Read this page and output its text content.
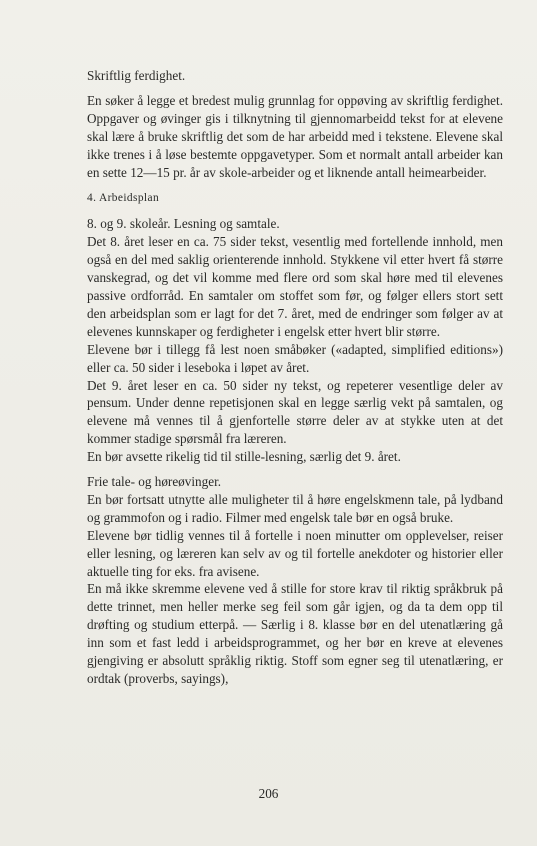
Skriftlig ferdighet.

En søker å legge et bredest mulig grunnlag for oppøving av skriftlig ferdighet. Oppgaver og øvinger gis i tilknytning til gjennomarbeidd tekst for at elevene skal lære å bruke skriftlig det som de har arbeidd med i tekstene. Elevene skal ikke trenes i å løse bestemte oppgavetyper. Som et normalt antall arbeider kan en sette 12—15 pr. år av skole-arbeider og et liknende antall heimearbeider.

4. Arbeidsplan

8. og 9. skoleår. Lesning og samtale.

Det 8. året leser en ca. 75 sider tekst, vesentlig med fortellende innhold, men også en del med saklig orienterende innhold. Stykkene vil etter hvert få større vanskegrad, og det vil komme med flere ord som skal høre med til elevenes passive ordforråd. En samtaler om stoffet som før, og følger ellers stort sett den arbeidsplan som er lagt for det 7. året, med de endringer som følger av at elevenes kunnskaper og ferdigheter i engelsk etter hvert blir større.

Elevene bør i tillegg få lest noen småbøker («adapted, simplified editions») eller ca. 50 sider i leseboka i løpet av året.

Det 9. året leser en ca. 50 sider ny tekst, og repeterer vesentlige deler av pensum. Under denne repetisjonen skal en legge særlig vekt på samtalen, og elevene må vennes til å gjenfortelle større deler av at stykke uten at det kommer stadige spørsmål fra læreren.

En bør avsette rikelig tid til stille-lesning, særlig det 9. året.

Frie tale- og høreøvinger.

En bør fortsatt utnytte alle muligheter til å høre engelskmenn tale, på lydband og grammofon og i radio. Filmer med engelsk tale bør en også bruke.

Elevene bør tidlig vennes til å fortelle i noen minutter om opplevelser, reiser eller lesning, og læreren kan selv av og til fortelle anekdoter og historier eller aktuelle ting for eks. fra avisene.

En må ikke skremme elevene ved å stille for store krav til riktig språkbruk på dette trinnet, men heller merke seg feil som går igjen, og da ta dem opp til drøfting og studium etterpå. — Særlig i 8. klasse bør en del utenatlæring gå inn som et fast ledd i arbeidsprogrammet, og her bør en kreve at elevenes gjengiving er absolutt språklig riktig. Stoff som egner seg til utenatlæring, er ordtak (proverbs, sayings),

206
